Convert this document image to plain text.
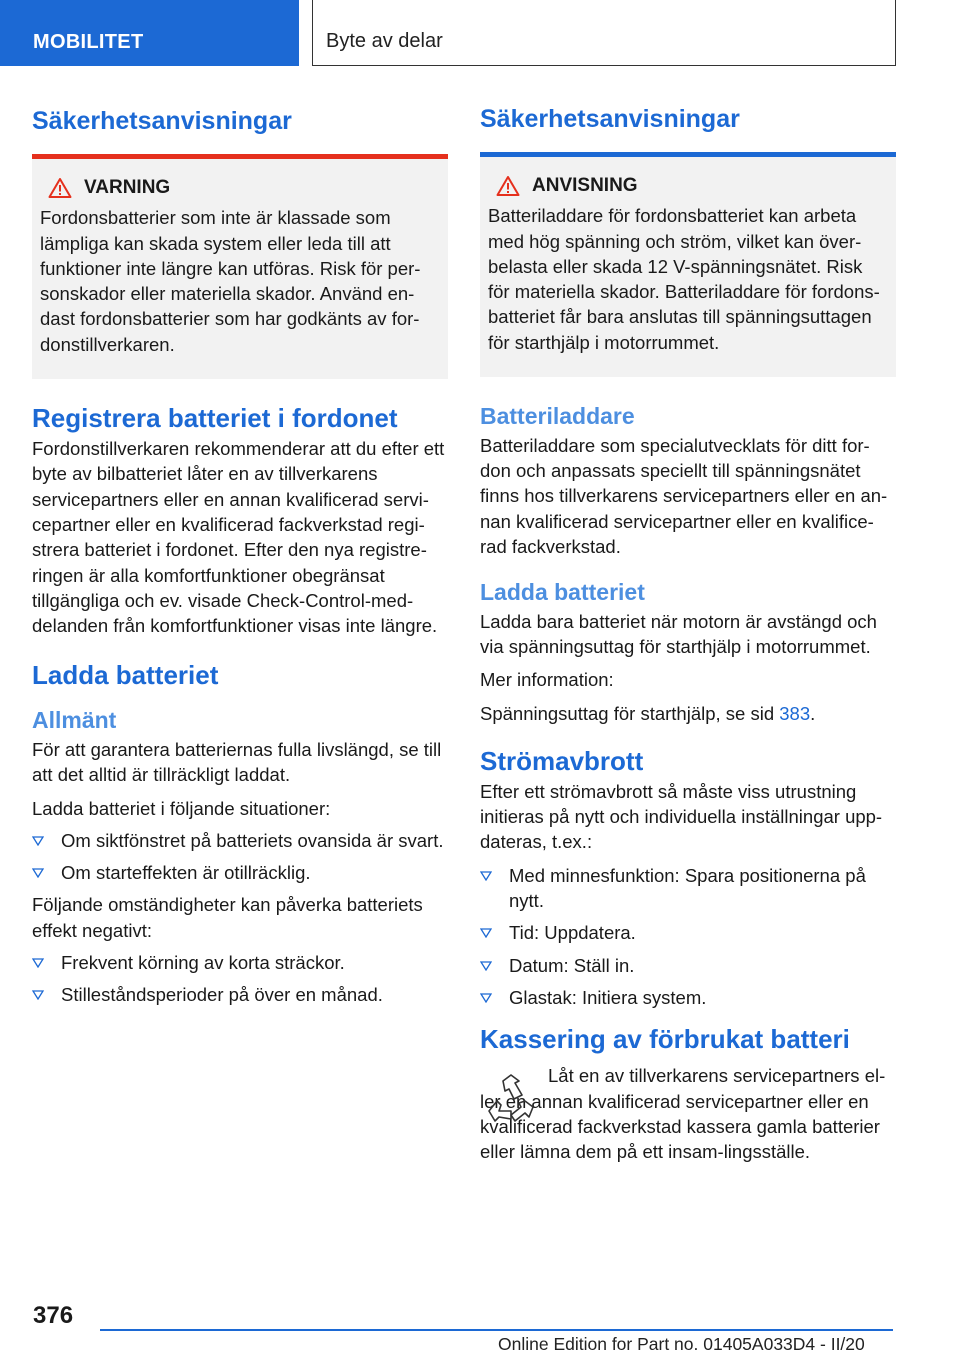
MOBILITET	Byte av delar
Säkerhetsanvisningar
VARNING

Fordonsbatterier som inte är klassade som lämpliga kan skada system eller leda till att funktioner inte längre kan utföras. Risk för per-sonskador eller materiella skador. Använd en-dast fordonsbatterier som har godkänts av for-donstillverkaren.

Registrera batteriet i fordonet

Fordonstillverkaren rekommenderar att du efter ett byte av bilbatteriet låter en av tillverkarens servicepartners eller en annan kvalificerad servi-cepartner eller en kvalificerad fackverkstad regi-strera batteriet i fordonet. Efter den nya registre-ringen är alla komfortfunktioner obegränsat tillgängliga och ev. visade Check-Control-med-delanden från komfortfunktioner visas inte längre.

Ladda batteriet
Allmänt

För att garantera batteriernas fulla livslängd, se till att det alltid är tillräckligt laddat.

Ladda batteriet i följande situationer:

Om siktfönstret på batteriets ovansida är svart.
Om starteffekten är otillräcklig.

Följande omständigheter kan påverka batteriets effekt negativt:

Frekvent körning av korta sträckor.
Stilleståndsperioder på över en månad.
Säkerhetsanvisningar
ANVISNING

Batteriladdare för fordonsbatteriet kan arbeta med hög spänning och ström, vilket kan över-belasta eller skada 12 V-spänningsnätet. Risk för materiella skador. Batteriladdare för fordons-batteriet får bara anslutas till spänningsuttagen för starthjälp i motorrummet.

Batteriladdare

Batteriladdare som specialutvecklats för ditt for-don och anpassats speciellt till spänningsnätet finns hos tillverkarens servicepartners eller en an-nan kvalificerad servicepartner eller en kvalifice-rad fackverkstad.

Ladda batteriet

Ladda bara batteriet när motorn är avstängd och via spänningsuttag för starthjälp i motorrummet.

Mer information:

Spänningsuttag för starthjälp, se sid 383.

Strömavbrott

Efter ett strömavbrott så måste viss utrustning initieras på nytt och individuella inställningar upp-dateras, t.ex.:

Med minnesfunktion: Spara positionerna på nytt.
Tid: Uppdatera.
Datum: Ställ in.
Glastak: Initiera system.
Kassering av förbrukat batteri

Låt en av tillverkarens servicepartners el-ler en annan kvalificerad servicepartner eller en kvalificerad fackverkstad kassera gamla batterier eller lämna dem på ett insam-lingsställe.

376
Online Edition for Part no. 01405A033D4 - II/20
